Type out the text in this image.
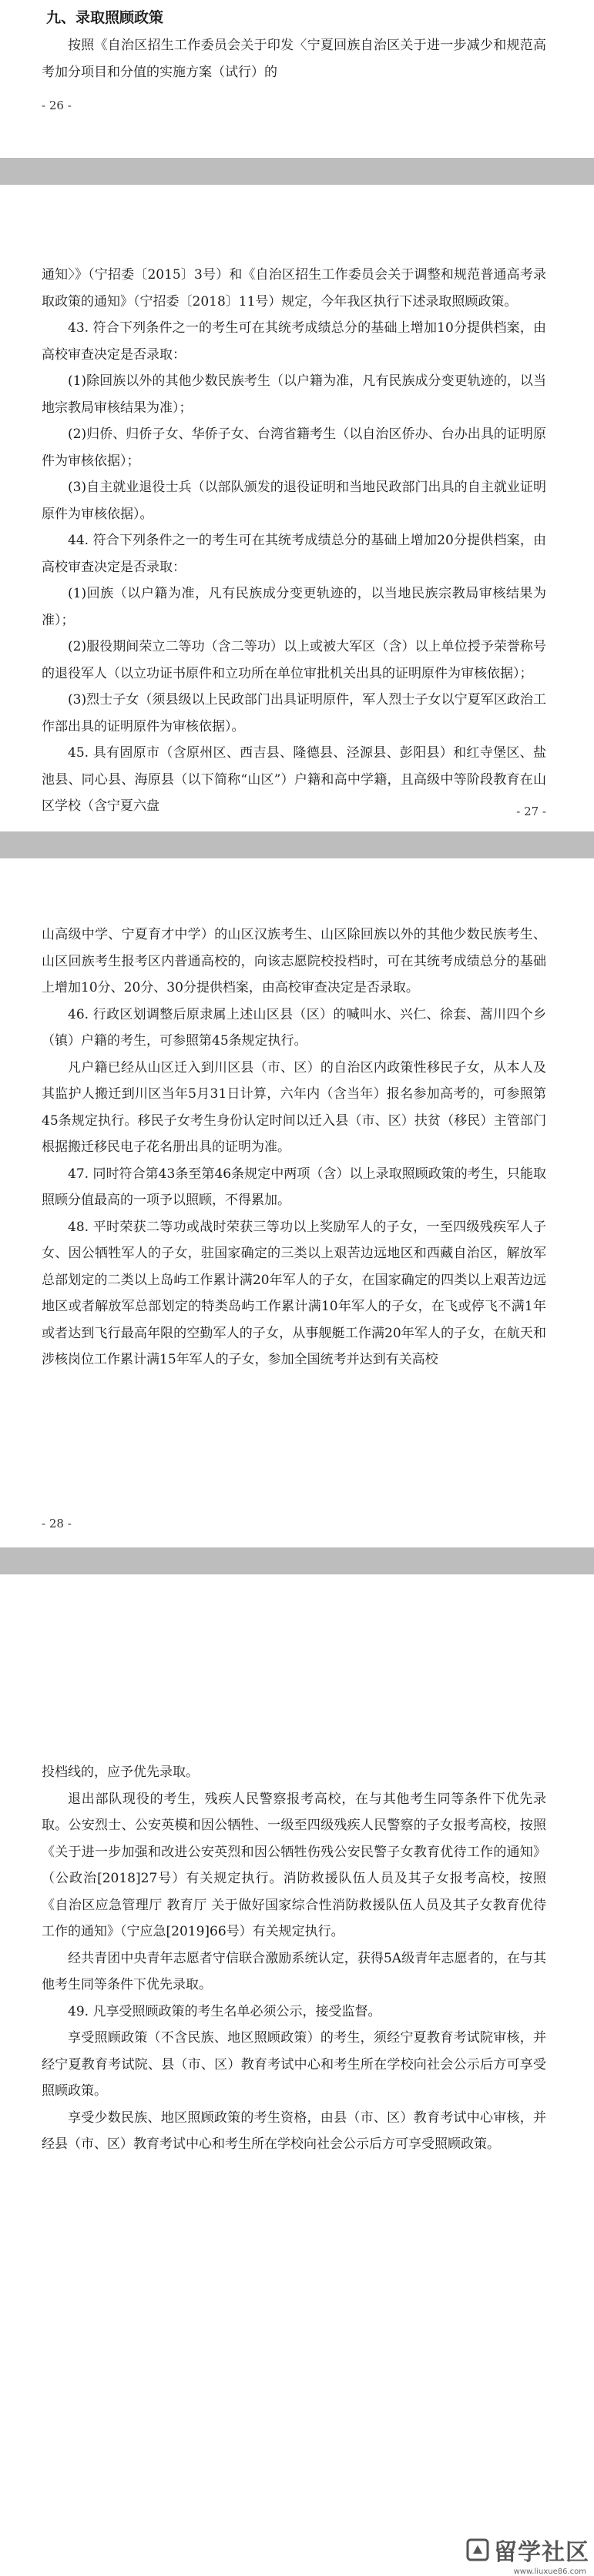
九、录取照顾政策

按照《自治区招生工作委员会关于印发〈宁夏回族自治区关于进一步减少和规范高考加分项目和分值的实施方案（试行）的

- 26 -

通知〉》（宁招委〔2015〕3号）和《自治区招生工作委员会关于调整和规范普通高考录取政策的通知》（宁招委〔2018〕11号）规定，今年我区执行下述录取照顾政策。

43. 符合下列条件之一的考生可在其统考成绩总分的基础上增加10分提供档案，由高校审查决定是否录取：

(1)除回族以外的其他少数民族考生（以户籍为准，凡有民族成分变更轨迹的，以当地宗教局审核结果为准）；

(2)归侨、归侨子女、华侨子女、台湾省籍考生（以自治区侨办、台办出具的证明原件为审核依据）；

(3)自主就业退役士兵（以部队颁发的退役证明和当地民政部门出具的自主就业证明原件为审核依据）。

44. 符合下列条件之一的考生可在其统考成绩总分的基础上增加20分提供档案，由高校审查决定是否录取：

(1)回族（以户籍为准，凡有民族成分变更轨迹的，以当地民族宗教局审核结果为准）；

(2)服役期间荣立二等功（含二等功）以上或被大军区（含）以上单位授予荣誉称号的退役军人（以立功证书原件和立功所在单位审批机关出具的证明原件为审核依据）；

(3)烈士子女（须县级以上民政部门出具证明原件，军人烈士子女以宁夏军区政治工作部出具的证明原件为审核依据）。

45. 具有固原市（含原州区、西吉县、隆德县、泾源县、彭阳县）和红寺堡区、盐池县、同心县、海原县（以下简称“山区”）户籍和高中学籍，且高级中等阶段教育在山区学校（含宁夏六盘	- 27 -

山高级中学、宁夏育才中学）的山区汉族考生、山区除回族以外的其他少数民族考生、山区回族考生报考区内普通高校的，向该志愿院校投档时，可在其统考成绩总分的基础上增加10分、20分、30分提供档案，由高校审查决定是否录取。

46. 行政区划调整后原隶属上述山区县（区）的喊叫水、兴仁、徐套、蒿川四个乡（镇）户籍的考生，可参照第45条规定执行。

凡户籍已经从山区迁入到川区县（市、区）的自治区内政策性移民子女，从本人及其监护人搬迁到川区当年5月31日计算，六年内（含当年）报名参加高考的，可参照第45条规定执行。移民子女考生身份认定时间以迁入县（市、区）扶贫（移民）主管部门根据搬迁移民电子花名册出具的证明为准。

47. 同时符合第43条至第46条规定中两项（含）以上录取照顾政策的考生，只能取照顾分值最高的一项予以照顾，不得累加。

48. 平时荣获二等功或战时荣获三等功以上奖励军人的子女，一至四级残疾军人子女、因公牺牲军人的子女，驻国家确定的三类以上艰苦边远地区和西藏自治区，解放军总部划定的二类以上岛屿工作累计满20年军人的子女，在国家确定的四类以上艰苦边远地区或者解放军总部划定的特类岛屿工作累计满10年军人的子女，在飞或停飞不满1年或者达到飞行最高年限的空勤军人的子女，从事舰艇工作满20年军人的子女，在航天和涉核岗位工作累计满15年军人的子女，参加全国统考并达到有关高校

- 28 -

投档线的，应予优先录取。

退出部队现役的考生，残疾人民警察报考高校，在与其他考生同等条件下优先录取。公安烈士、公安英模和因公牺牲、一级至四级残疾人民警察的子女报考高校，按照《关于进一步加强和改进公安英烈和因公牺牲伤残公安民警子女教育优待工作的通知》（公政治[2018]27号）有关规定执行。消防救援队伍人员及其子女报考高校，按照《自治区应急管理厅 教育厅 关于做好国家综合性消防救援队伍人员及其子女教育优待工作的通知》（宁应急[2019]66号）有关规定执行。

经共青团中央青年志愿者守信联合激励系统认定，获得5A级青年志愿者的，在与其他考生同等条件下优先录取。

49. 凡享受照顾政策的考生名单必须公示，接受监督。

享受照顾政策（不含民族、地区照顾政策）的考生，须经宁夏教育考试院审核，并经宁夏教育考试院、县（市、区）教育考试中心和考生所在学校向社会公示后方可享受照顾政策。

享受少数民族、地区照顾政策的考生资格，由县（市、区）教育考试中心审核，并经县（市、区）教育考试中心和考生所在学校向社会公示后方可享受照顾政策。

留学社区
www.liuxue86.com
